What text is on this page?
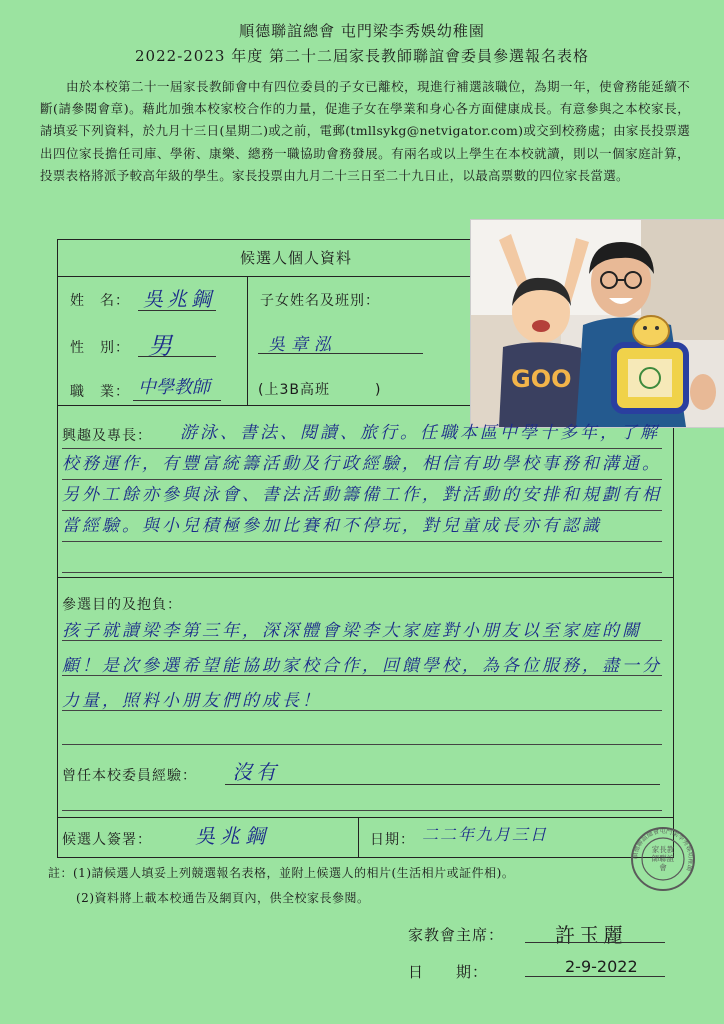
順德聯誼總會 屯門梁李秀娛幼稚園
2022-2023 年度 第二十二屆家長教師聯誼會委員參選報名表格

由於本校第二十一屆家長教師會中有四位委員的子女已離校，現進行補選該職位，為期一年，使會務能延續不斷(請參閱會章)。藉此加強本校家校合作的力量，促進子女在學業和身心各方面健康成長。有意參與之本校家長，請填妥下列資料，於九月十三日(星期二)或之前，電郵(tmllsykg@netvigator.com)或交到校務處；由家長投票選出四位家長擔任司庫、學術、康樂、總務一職協助會務發展。有兩名或以上學生在本校就讀，則以一個家庭計算，投票表格將派予較高年級的學生。家長投票由九月二十三日至二十九日止，以最高票數的四位家長當選。

候選人個人資料
姓　名： 吳兆鋼
性　別： 男
職　業： 中學教師
子女姓名及班別：
吳章泓
(上3B高班　　　)	GOO
興趣及專長：	游泳、書法、閱讀、旅行。任職本區中學十多年，了解校務運作，有豐富統籌活動及行政經驗，相信有助學校事務和溝通。另外工餘亦參與泳會、書法活動籌備工作，對活動的安排和規劃有相當經驗。與小兒積極參加比賽和不停玩，對兒童成長亦有認識
參選目的及抱負：
孩子就讀梁李第三年，深深體會梁李大家庭對小朋友以至家庭的關顧！是次參選希望能協助家校合作，回饋學校，為各位服務，盡一分力量，照料小朋友們的成長！
曾任本校委員經驗： 沒有
候選人簽署： 吳兆鋼	日期： 二二年九月三日
順德聯誼總會屯門梁李秀娛幼稚園
家長教師聯誼會
註：(1)請候選人填妥上列競選報名表格，並附上候選人的相片(生活相片或証件相)。
(2)資料將上載本校通告及網頁內，供全校家長參閱。
家教會主席：	許玉麗
日　　期：	2-9-2022
